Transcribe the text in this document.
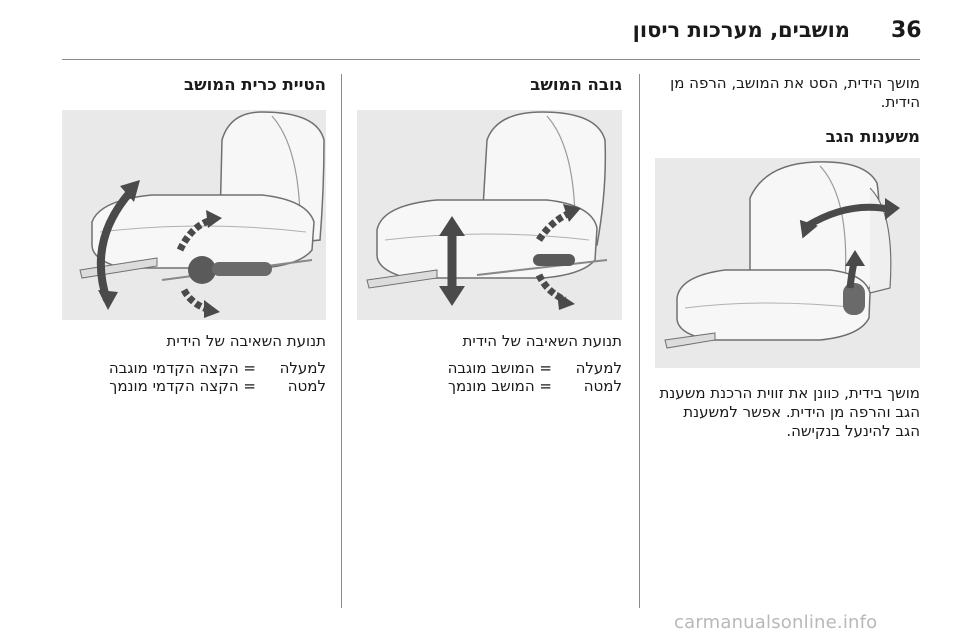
36
מושבים, מערכות ריסון

מושך הידית, הסט את המושב, הרפה מן הידית.

משענות הגב

מושך בידית, כוונן את זווית הרכנת משענת הגב והרפה מן הידית. אפשר למשענת הגב להינעל בנקישה.

גובה המושב
תנועת השאיבה של הידית
למעלה
= המושב מוגבה
למטה
= המושב מונמך
הטיית כרית המושב
תנועת השאיבה של הידית
למעלה
= הקצה הקדמי מוגבה
למטה
= הקצה הקדמי מונמך
carmanualsonline.info
